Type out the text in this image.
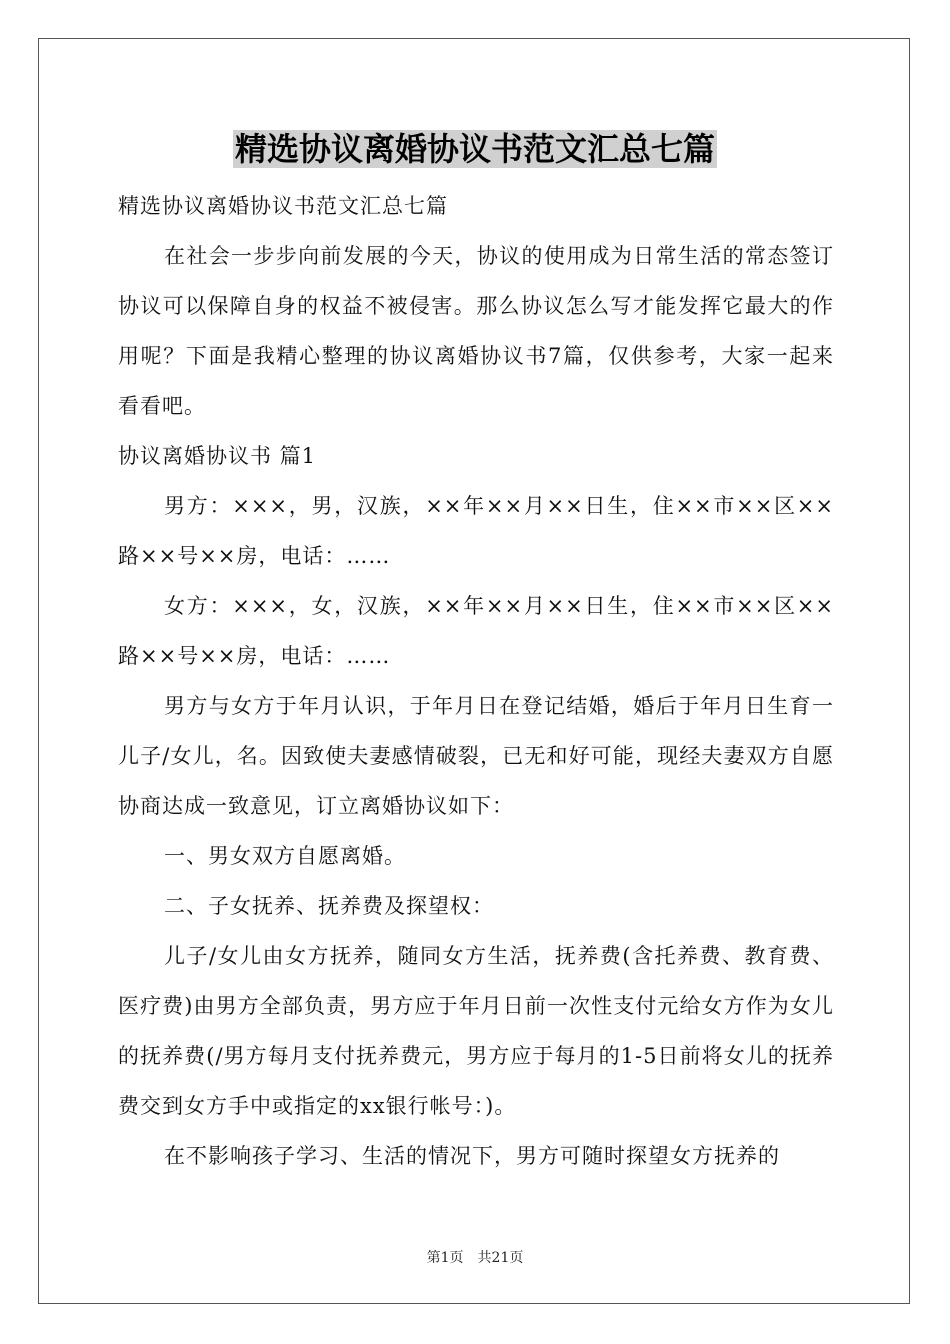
精选协议离婚协议书范文汇总七篇

精选协议离婚协议书范文汇总七篇

在社会一步步向前发展的今天，协议的使用成为日常生活的常态签订协议可以保障自身的权益不被侵害。那么协议怎么写才能发挥它最大的作用呢？下面是我精心整理的协议离婚协议书7篇，仅供参考，大家一起来看看吧。

协议离婚协议书 篇1

男方：×××，男，汉族，××年××月××日生，住××市××区××路××号××房，电话：……

女方：×××，女，汉族，××年××月××日生，住××市××区××路××号××房，电话：……

男方与女方于年月认识，于年月日在登记结婚，婚后于年月日生育一儿子/女儿，名。因致使夫妻感情破裂，已无和好可能，现经夫妻双方自愿协商达成一致意见，订立离婚协议如下：

一、男女双方自愿离婚。

二、子女抚养、抚养费及探望权：

儿子/女儿由女方抚养，随同女方生活，抚养费(含托养费、教育费、医疗费)由男方全部负责，男方应于年月日前一次性支付元给女方作为女儿的抚养费(/男方每月支付抚养费元，男方应于每月的1-5日前将女儿的抚养费交到女方手中或指定的xx银行帐号：)。

在不影响孩子学习、生活的情况下，男方可随时探望女方抚养的

第1页 共21页
